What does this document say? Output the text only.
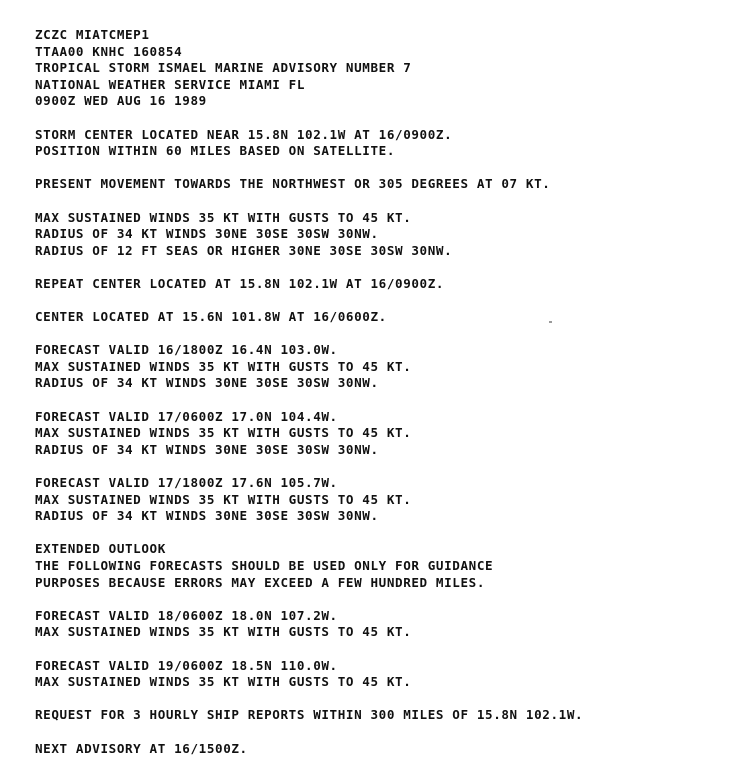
ZCZC MIATCMEP1
TTAA00 KNHC 160854
TROPICAL STORM ISMAEL MARINE ADVISORY NUMBER 7
NATIONAL WEATHER SERVICE MIAMI FL
0900Z WED AUG 16 1989
STORM CENTER LOCATED NEAR 15.8N 102.1W AT 16/0900Z.
POSITION WITHIN 60 MILES BASED ON SATELLITE.
PRESENT MOVEMENT TOWARDS THE NORTHWEST OR 305 DEGREES AT 07 KT.
MAX SUSTAINED WINDS 35 KT WITH GUSTS TO 45 KT.
RADIUS OF 34 KT WINDS 30NE 30SE 30SW 30NW.
RADIUS OF 12 FT SEAS OR HIGHER 30NE 30SE 30SW 30NW.
REPEAT CENTER LOCATED AT 15.8N 102.1W AT 16/0900Z.
CENTER LOCATED AT 15.6N 101.8W AT 16/0600Z.
FORECAST VALID 16/1800Z 16.4N 103.0W.
MAX SUSTAINED WINDS 35 KT WITH GUSTS TO 45 KT.
RADIUS OF 34 KT WINDS 30NE 30SE 30SW 30NW.
FORECAST VALID 17/0600Z 17.0N 104.4W.
MAX SUSTAINED WINDS 35 KT WITH GUSTS TO 45 KT.
RADIUS OF 34 KT WINDS 30NE 30SE 30SW 30NW.
FORECAST VALID 17/1800Z 17.6N 105.7W.
MAX SUSTAINED WINDS 35 KT WITH GUSTS TO 45 KT.
RADIUS OF 34 KT WINDS 30NE 30SE 30SW 30NW.
EXTENDED OUTLOOK
THE FOLLOWING FORECASTS SHOULD BE USED ONLY FOR GUIDANCE
PURPOSES BECAUSE ERRORS MAY EXCEED A FEW HUNDRED MILES.
FORECAST VALID 18/0600Z 18.0N 107.2W.
MAX SUSTAINED WINDS 35 KT WITH GUSTS TO 45 KT.
FORECAST VALID 19/0600Z 18.5N 110.0W.
MAX SUSTAINED WINDS 35 KT WITH GUSTS TO 45 KT.
REQUEST FOR 3 HOURLY SHIP REPORTS WITHIN 300 MILES OF 15.8N 102.1W.
NEXT ADVISORY AT 16/1500Z.
